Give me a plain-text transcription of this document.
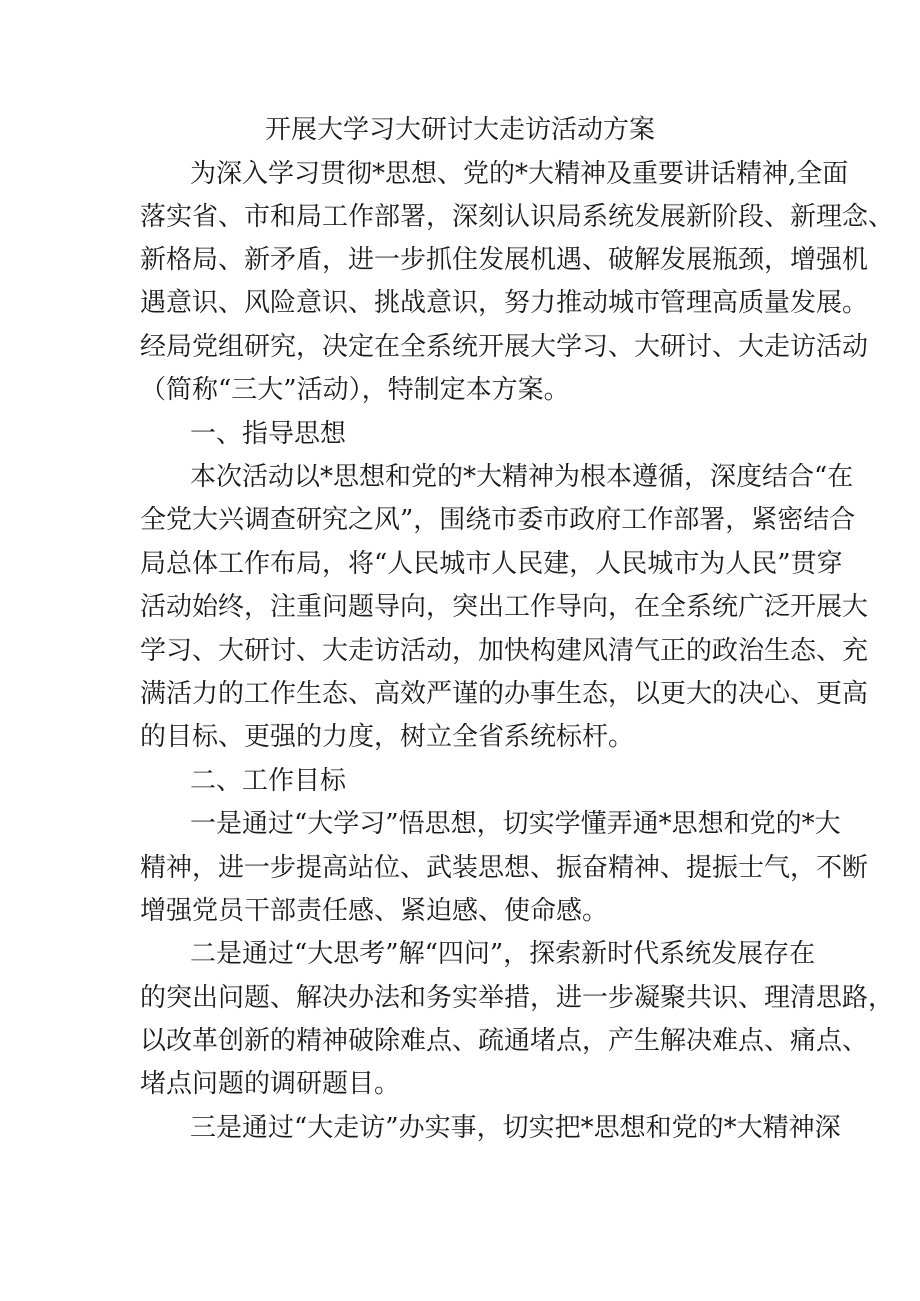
开展大学习大研讨大走访活动方案
为深入学习贯彻*思想、党的*大精神及重要讲话精神,全面
落实省、市和局工作部署，深刻认识局系统发展新阶段、新理念、
新格局、新矛盾，进一步抓住发展机遇、破解发展瓶颈，增强机
遇意识、风险意识、挑战意识，努力推动城市管理高质量发展。
经局党组研究，决定在全系统开展大学习、大研讨、大走访活动
（简称“三大”活动），特制定本方案。
一、指导思想
本次活动以*思想和党的*大精神为根本遵循，深度结合“在
全党大兴调查研究之风”，围绕市委市政府工作部署，紧密结合
局总体工作布局，将“人民城市人民建，人民城市为人民”贯穿
活动始终，注重问题导向，突出工作导向，在全系统广泛开展大
学习、大研讨、大走访活动，加快构建风清气正的政治生态、充
满活力的工作生态、高效严谨的办事生态，以更大的决心、更高
的目标、更强的力度，树立全省系统标杆。
二、工作目标
一是通过“大学习”悟思想，切实学懂弄通*思想和党的*大
精神，进一步提高站位、武装思想、振奋精神、提振士气，不断
增强党员干部责任感、紧迫感、使命感。
二是通过“大思考”解“四问”，探索新时代系统发展存在
的突出问题、解决办法和务实举措，进一步凝聚共识、理清思路，
以改革创新的精神破除难点、疏通堵点，产生解决难点、痛点、
堵点问题的调研题目。
三是通过“大走访”办实事，切实把*思想和党的*大精神深
